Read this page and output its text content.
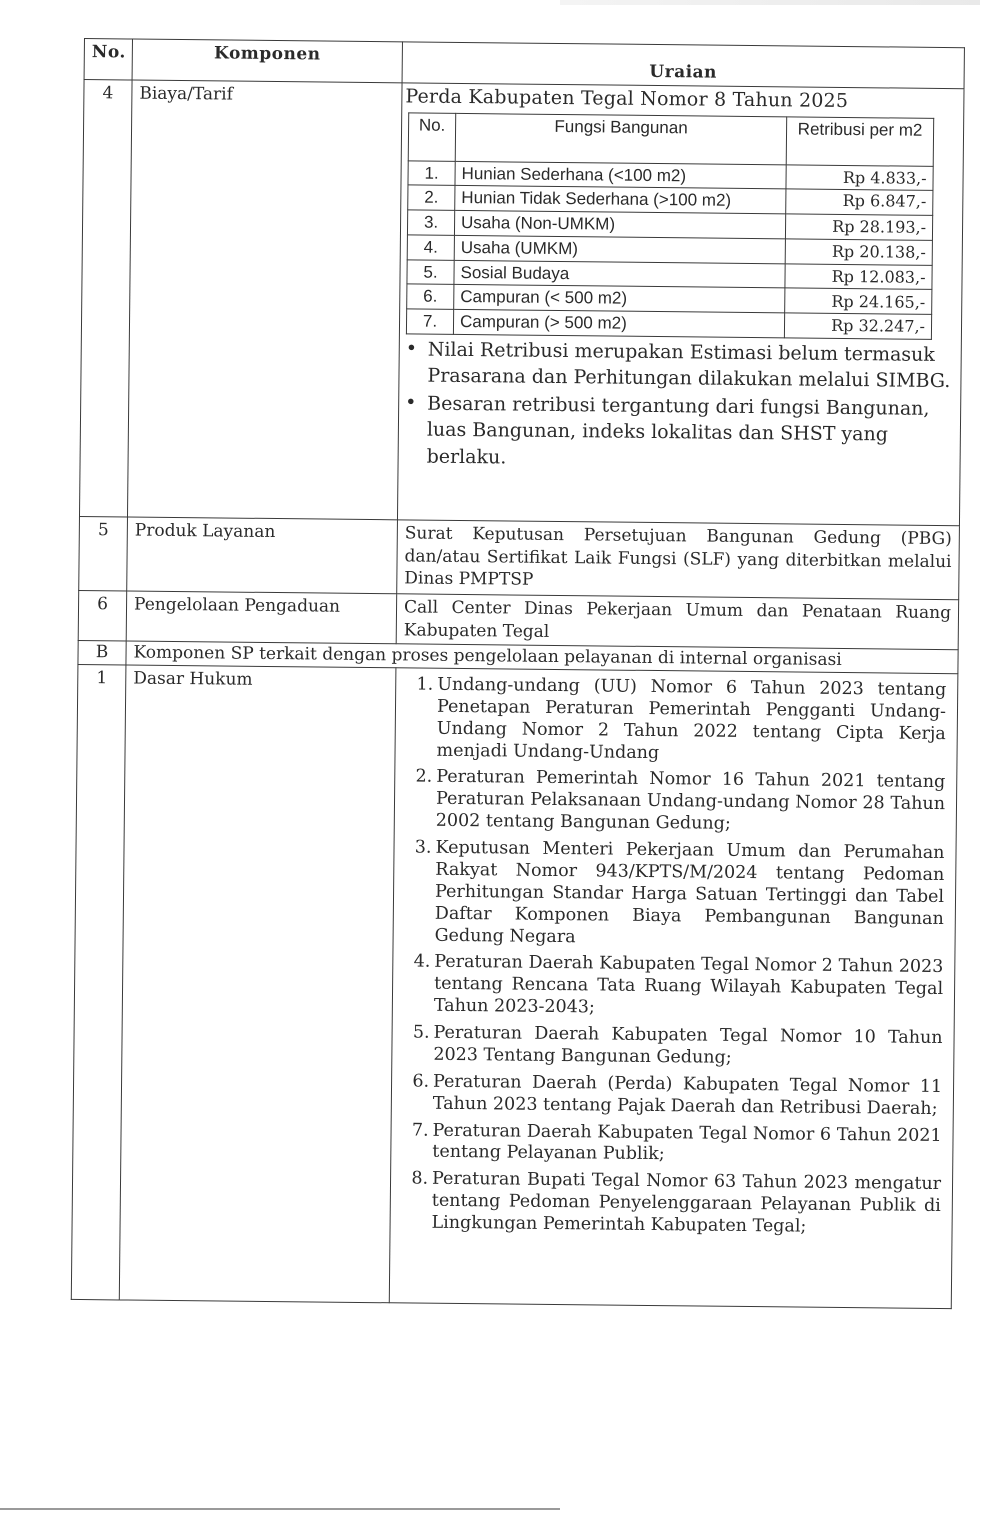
No.	Komponen	Uraian
4	Biaya/Tarif	Perda Kabupaten Tegal Nomor 8 Tahun 2025
No.	Fungsi Bangunan	Retribusi per m2
1.	Hunian Sederhana (<100 m2)	Rp 4.833,-
2.	Hunian Tidak Sederhana (>100 m2)	Rp 6.847,-
3.	Usaha (Non-UMKM)	Rp 28.193,-
4.	Usaha (UMKM)	Rp 20.138,-
5.	Sosial Budaya	Rp 12.083,-
6.	Campuran (< 500 m2)	Rp 24.165,-
7.	Campuran (> 500 m2)	Rp 32.247,-
• Nilai Retribusi merupakan Estimasi belum termasuk Prasarana dan Perhitungan dilakukan melalui SIMBG.
• Besaran retribusi tergantung dari fungsi Bangunan, luas Bangunan, indeks lokalitas dan SHST yang berlaku.

5	Produk Layanan	Surat Keputusan Persetujuan Bangunan Gedung (PBG) dan/atau Sertifikat Laik Fungsi (SLF) yang diterbitkan melalui Dinas PMPTSP
6	Pengelolaan Pengaduan	Call Center Dinas Pekerjaan Umum dan Penataan Ruang Kabupaten Tegal
B	Komponen SP terkait dengan proses pengelolaan pelayanan di internal organisasi
1	Dasar Hukum	1. Undang-undang (UU) Nomor 6 Tahun 2023 tentang Penetapan Peraturan Pemerintah Pengganti Undang-Undang Nomor 2 Tahun 2022 tentang Cipta Kerja menjadi Undang-Undang
2. Peraturan Pemerintah Nomor 16 Tahun 2021 tentang Peraturan Pelaksanaan Undang-undang Nomor 28 Tahun 2002 tentang Bangunan Gedung;
3. Keputusan Menteri Pekerjaan Umum dan Perumahan Rakyat Nomor 943/KPTS/M/2024 tentang Pedoman Perhitungan Standar Harga Satuan Tertinggi dan Tabel Daftar Komponen Biaya Pembangunan Bangunan Gedung Negara
4. Peraturan Daerah Kabupaten Tegal Nomor 2 Tahun 2023 tentang Rencana Tata Ruang Wilayah Kabupaten Tegal Tahun 2023-2043;
5. Peraturan Daerah Kabupaten Tegal Nomor 10 Tahun 2023 Tentang Bangunan Gedung;
6. Peraturan Daerah (Perda) Kabupaten Tegal Nomor 11 Tahun 2023 tentang Pajak Daerah dan Retribusi Daerah;
7. Peraturan Daerah Kabupaten Tegal Nomor 6 Tahun 2021 tentang Pelayanan Publik;
8. Peraturan Bupati Tegal Nomor 63 Tahun 2023 mengatur tentang Pedoman Penyelenggaraan Pelayanan Publik di Lingkungan Pemerintah Kabupaten Tegal;
